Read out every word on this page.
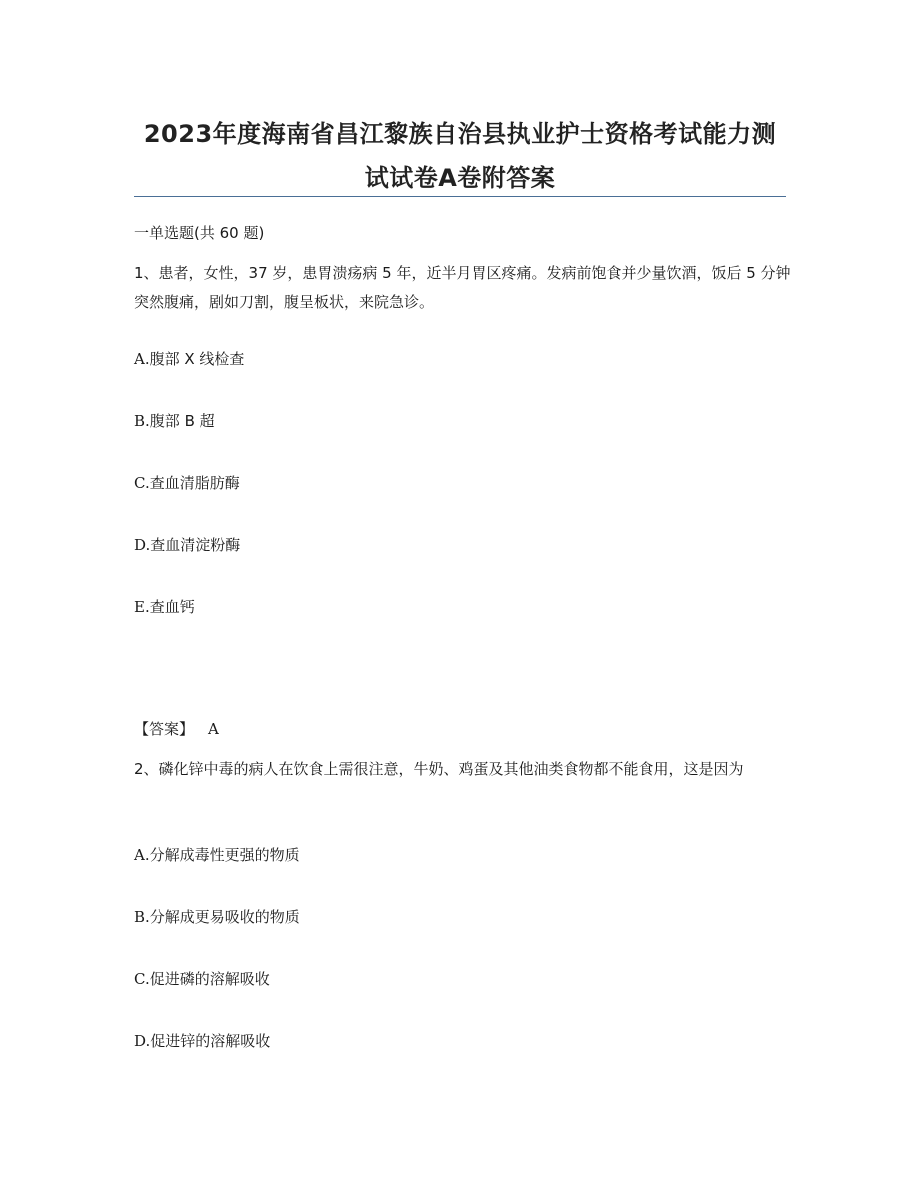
2023年度海南省昌江黎族自治县执业护士资格考试能力测
试试卷A卷附答案
一单选题(共 60 题)
1、患者，女性，37 岁，患胃溃疡病 5 年，近半月胃区疼痛。发病前饱食并少量饮酒，饭后 5 分钟突然腹痛，剧如刀割，腹呈板状，来院急诊。
A.腹部 X 线检查
B.腹部 B 超
C.查血清脂肪酶
D.查血清淀粉酶
E.查血钙
【答案】 A
2、磷化锌中毒的病人在饮食上需很注意，牛奶、鸡蛋及其他油类食物都不能食用，这是因为
A.分解成毒性更强的物质
B.分解成更易吸收的物质
C.促进磷的溶解吸收
D.促进锌的溶解吸收
